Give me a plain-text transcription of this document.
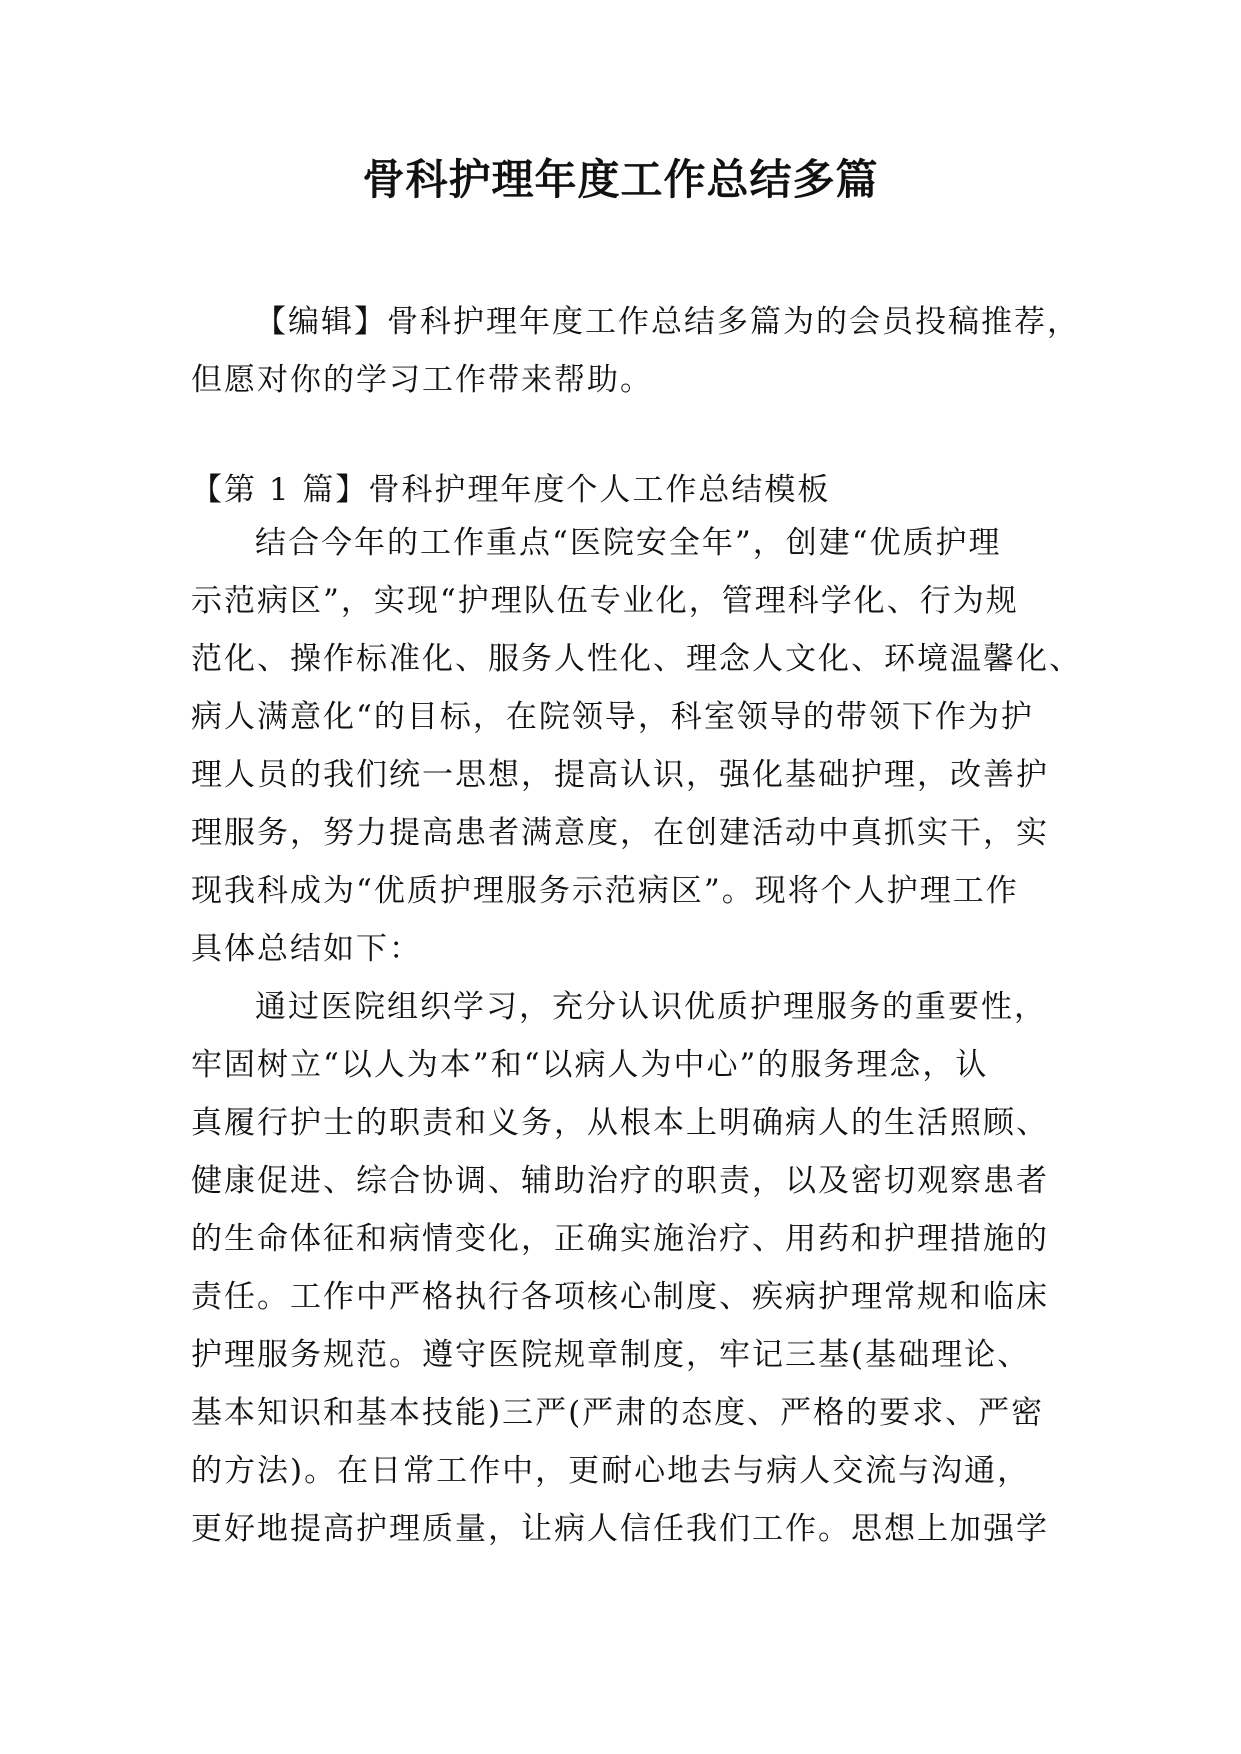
骨科护理年度工作总结多篇
【编辑】骨科护理年度工作总结多篇为的会员投稿推荐，
但愿对你的学习工作带来帮助。
【第 1 篇】骨科护理年度个人工作总结模板
结合今年的工作重点“医院安全年”，创建“优质护理
示范病区”，实现“护理队伍专业化，管理科学化、行为规
范化、操作标准化、服务人性化、理念人文化、环境温馨化、
病人满意化“的目标，在院领导，科室领导的带领下作为护
理人员的我们统一思想，提高认识，强化基础护理，改善护
理服务，努力提高患者满意度，在创建活动中真抓实干，实
现我科成为“优质护理服务示范病区”。现将个人护理工作
具体总结如下：
通过医院组织学习，充分认识优质护理服务的重要性，
牢固树立“以人为本”和“以病人为中心”的服务理念，认
真履行护士的职责和义务，从根本上明确病人的生活照顾、
健康促进、综合协调、辅助治疗的职责，以及密切观察患者
的生命体征和病情变化，正确实施治疗、用药和护理措施的
责任。工作中严格执行各项核心制度、疾病护理常规和临床
护理服务规范。遵守医院规章制度，牢记三基(基础理论、
基本知识和基本技能)三严(严肃的态度、严格的要求、严密
的方法)。在日常工作中，更耐心地去与病人交流与沟通，
更好地提高护理质量，让病人信任我们工作。思想上加强学
